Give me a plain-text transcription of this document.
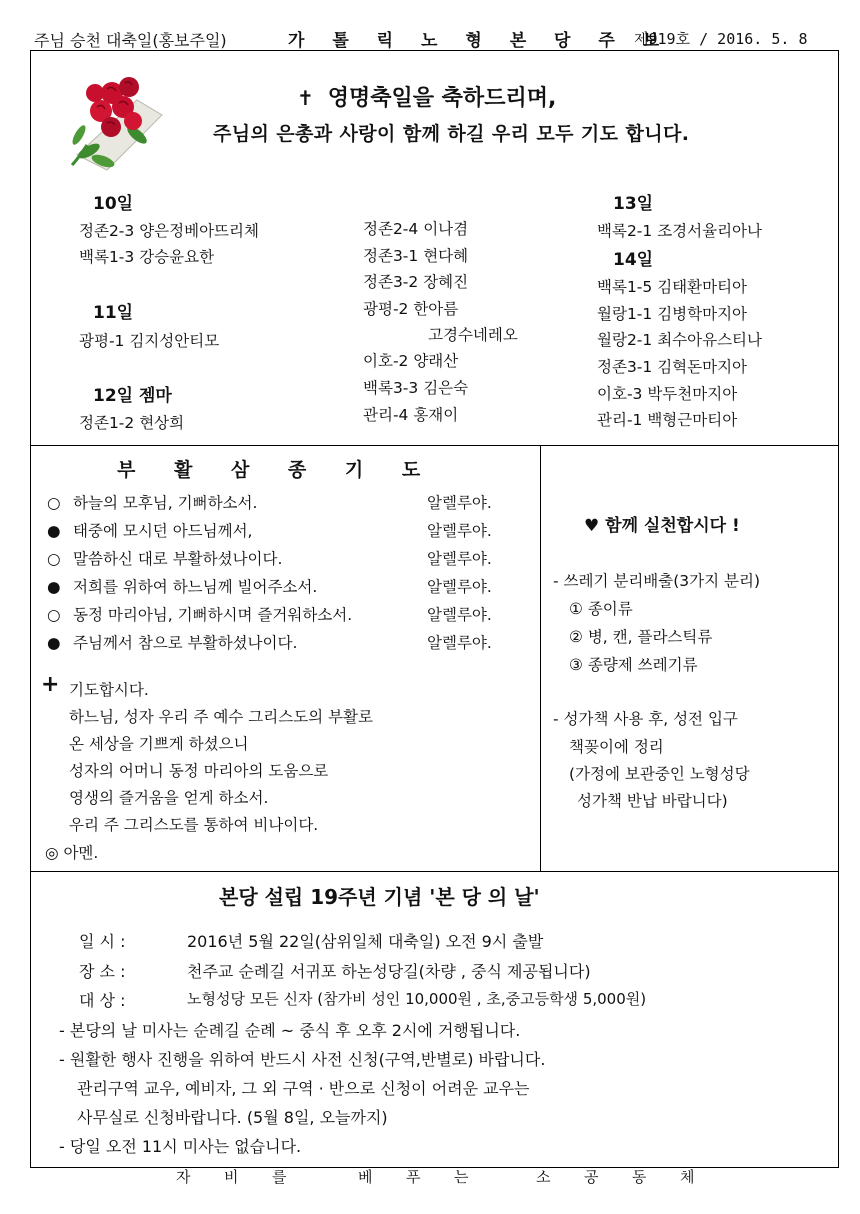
주님 승천 대축일(홍보주일)	가 톨 릭 노 형 본 당 주 보
제919호 / 2016. 5. 8
✝ 영명축일을 축하드리며,
주님의 은총과 사랑이 함께 하길 우리 모두 기도 합니다.
10일
정존2-3 양은정베아뜨리체
백록1-3 강승윤요한
11일
광평-1 김지성안티모
12일 젬마
정존1-2 현상희
정존2-4 이나겸
정존3-1 현다혜
정존3-2 장혜진
광평-2 한아름
고경수네레오
이호-2 양래산
백록3-3 김은숙
관리-4 홍재이
13일
백록2-1 조경서율리아나
14일
백록1-5 김태환마티아
월랑1-1 김병학마지아
월랑2-1 최수아유스티나
정존3-1 김혁돈마지아
이호-3 박두천마지아
관리-1 백형근마티아
부 활 삼 종 기 도
○ 하늘의 모후님, 기뻐하소서.	알렐루야.
● 태중에 모시던 아드님께서,	알렐루야.
○ 말씀하신 대로 부활하셨나이다.	알렐루야.
● 저희를 위하여 하느님께 빌어주소서.	알렐루야.
○ 동정 마리아님, 기뻐하시며 즐거워하소서.	알렐루야.
● 주님께서 참으로 부활하셨나이다.	알렐루야.
+ 기도합시다.
하느님, 성자 우리 주 예수 그리스도의 부활로
온 세상을 기쁘게 하셨으니
성자의 어머니 동정 마리아의 도움으로
영생의 즐거움을 얻게 하소서.
우리 주 그리스도를 통하여 비나이다.
◎ 아멘.
♥ 함께 실천합시다 !
- 쓰레기 분리배출(3가지 분리)
① 종이류
② 병, 캔, 플라스틱류
③ 종량제 쓰레기류
- 성가책 사용 후, 성전 입구
책꽂이에 정리
(가정에 보관중인 노형성당
성가책 반납 바랍니다)
본당 설립 19주년 기념 '본 당 의 날'
일 시 :	2016년 5월 22일(삼위일체 대축일) 오전 9시 출발
장 소 :	천주교 순례길 서귀포 하논성당길(차량 , 중식 제공됩니다)
대 상 :	노형성당 모든 신자 (참가비 성인 10,000원 , 초,중고등학생 5,000원)
- 본당의 날 미사는 순례길 순례 ~ 중식 후 오후 2시에 거행됩니다.
- 원활한 행사 진행을 위하여 반드시 사전 신청(구역,반별로) 바랍니다.
관리구역 교우, 예비자, 그 외 구역 · 반으로 신청이 어려운 교우는
사무실로 신청바랍니다. (5월 8일, 오늘까지)
- 당일 오전 11시 미사는 없습니다.
자 비 를	베 푸 는	소 공 동 체
